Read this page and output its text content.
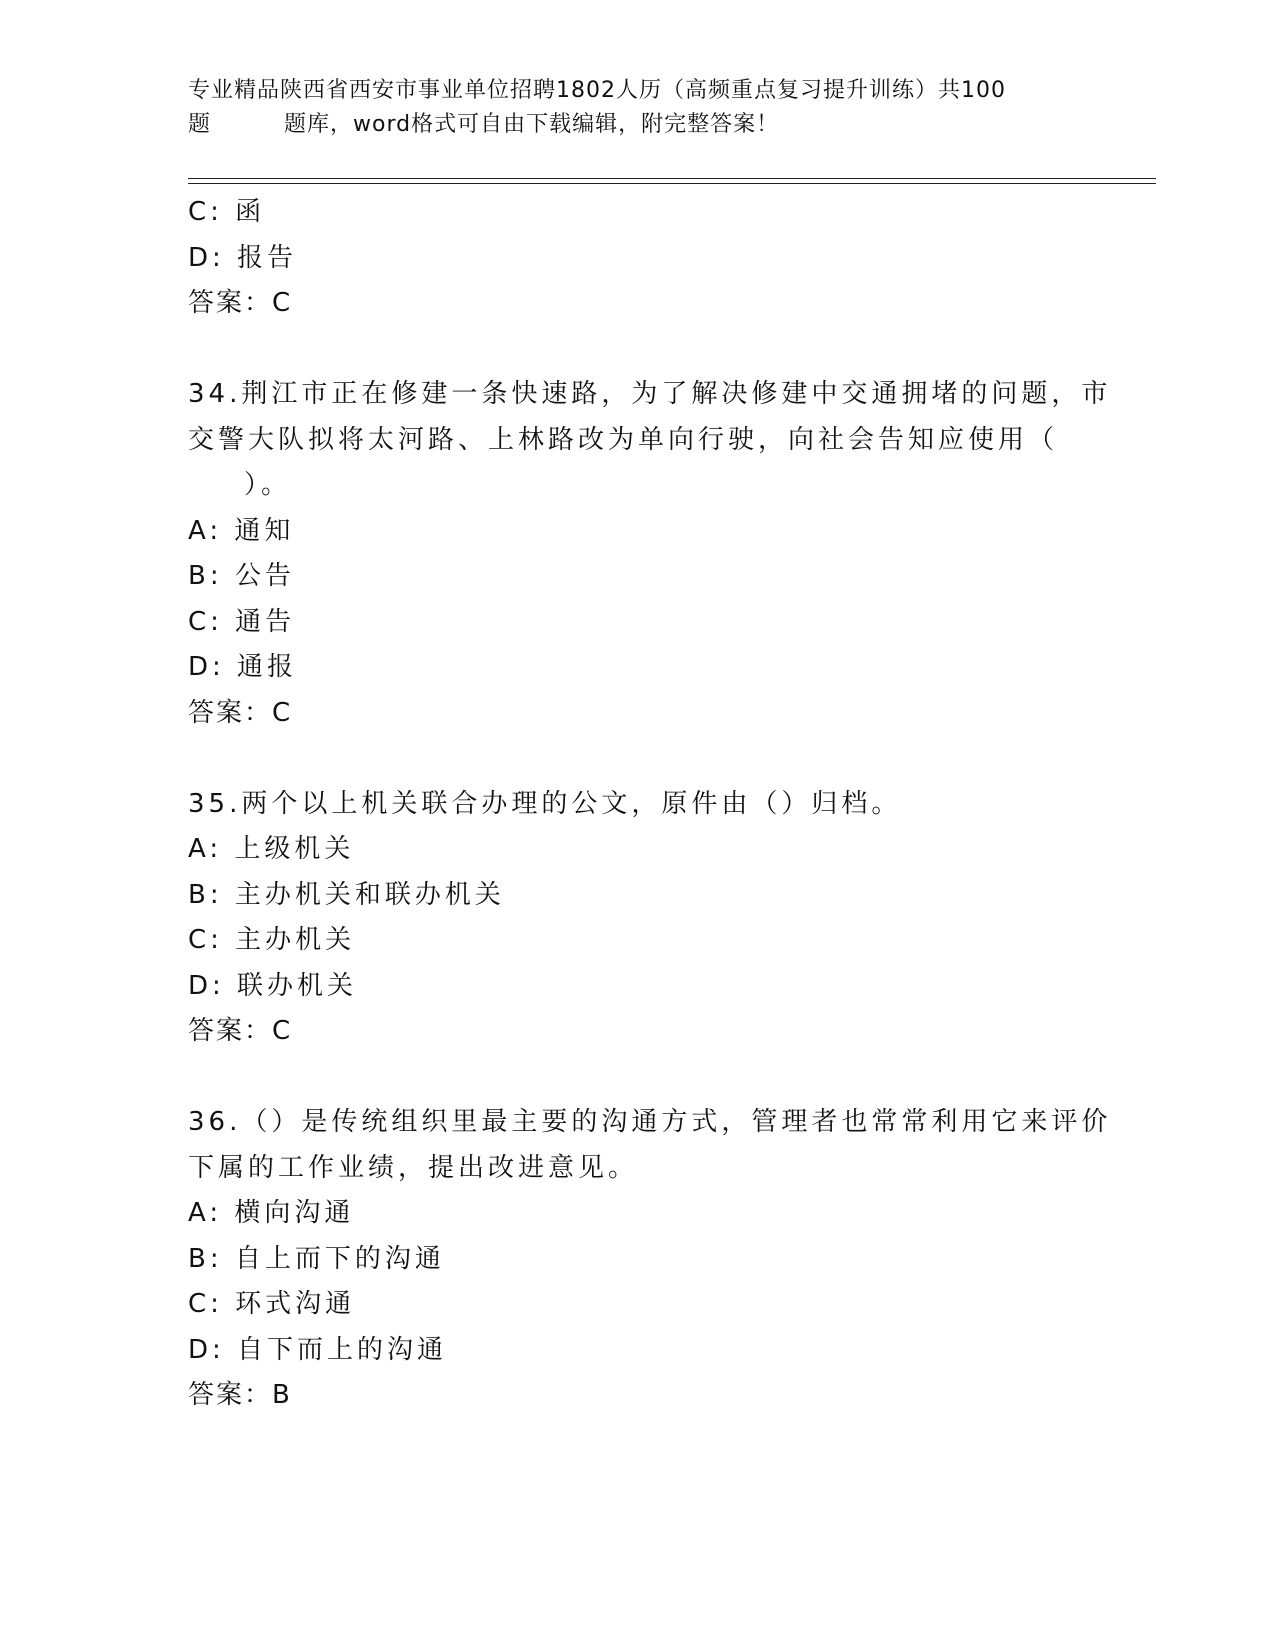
专业精品陕西省西安市事业单位招聘1802人历（高频重点复习提升训练）共100
题	题库，word格式可自由下载编辑，附完整答案！
C: 函
D: 报告
答案：C
34.荆江市正在修建一条快速路，为了解决修建中交通拥堵的问题，市
交警大队拟将太河路、上林路改为单向行驶，向社会告知应使用（
）。
A: 通知
B: 公告
C: 通告
D: 通报
答案：C
35.两个以上机关联合办理的公文，原件由（）归档。
A: 上级机关
B: 主办机关和联办机关
C: 主办机关
D: 联办机关
答案：C
36.（）是传统组织里最主要的沟通方式，管理者也常常利用它来评价
下属的工作业绩，提出改进意见。
A: 横向沟通
B: 自上而下的沟通
C: 环式沟通
D: 自下而上的沟通
答案：B
